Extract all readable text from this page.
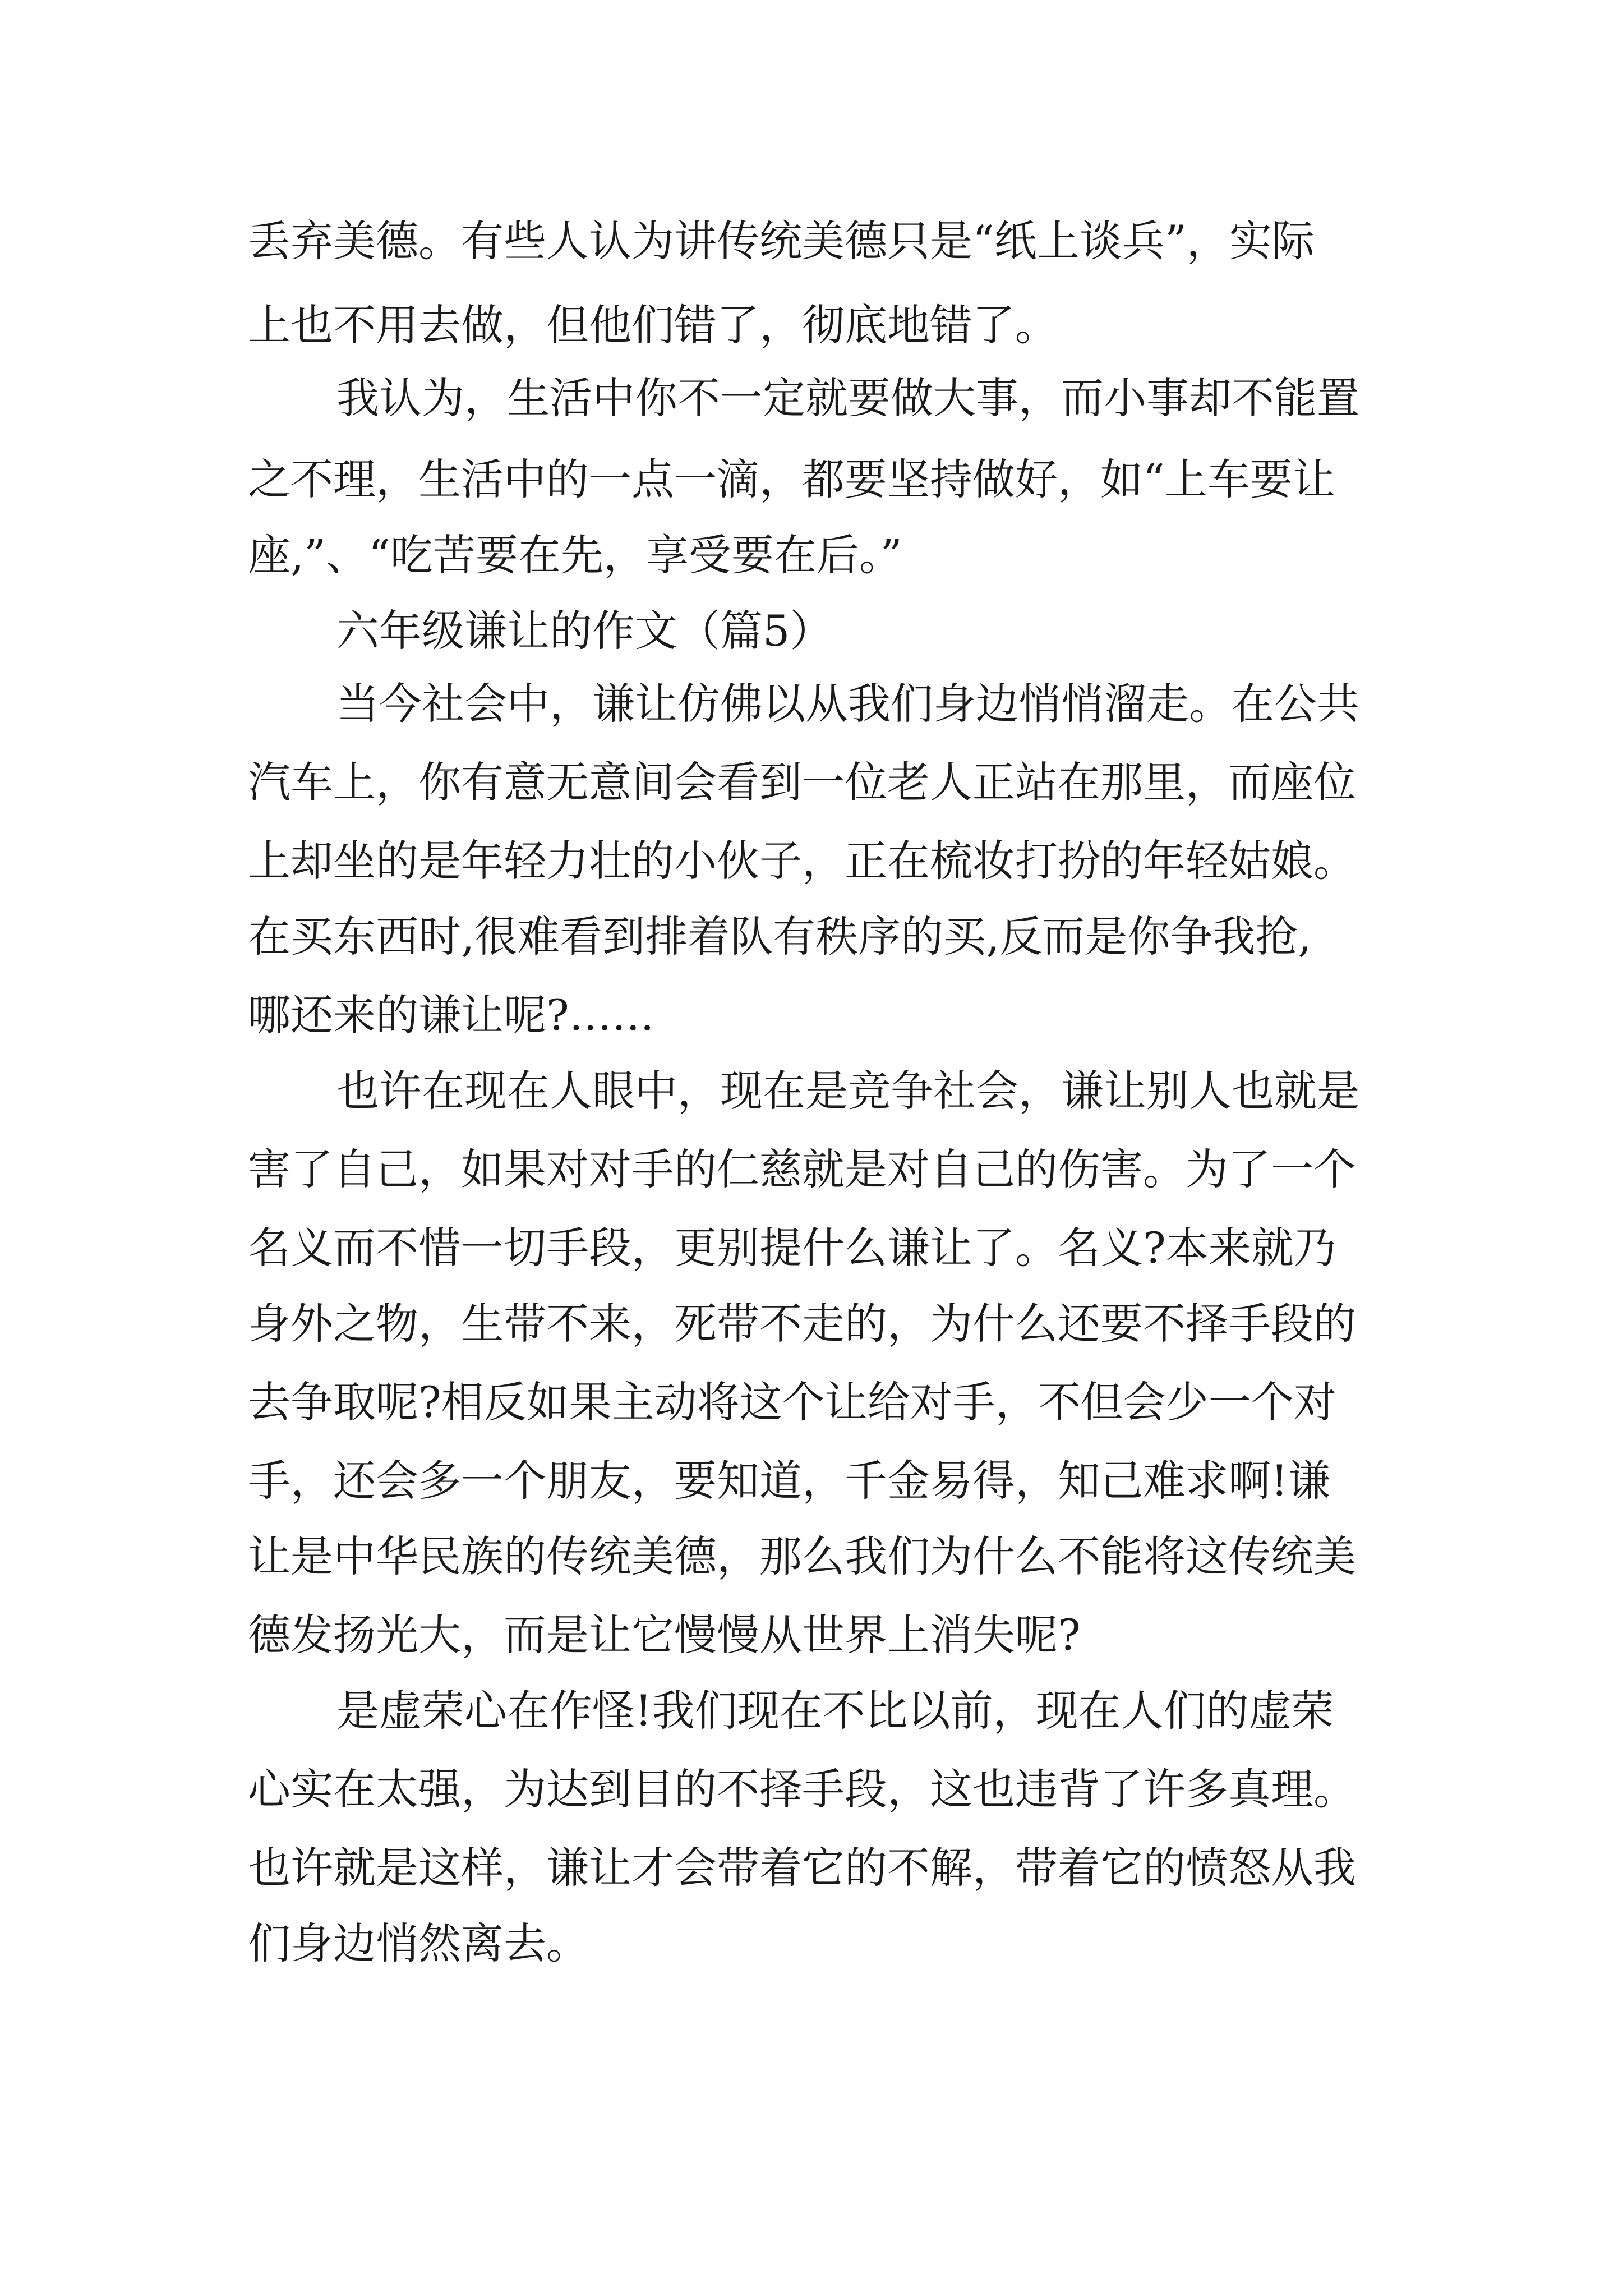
丢弃美德。有些人认为讲传统美德只是“纸上谈兵”，实际

上也不用去做，但他们错了，彻底地错了。

我认为，生活中你不一定就要做大事，而小事却不能置

之不理，生活中的一点一滴，都要坚持做好，如“上车要让

座,”、“吃苦要在先，享受要在后。”

六年级谦让的作文（篇5）

当今社会中，谦让仿佛以从我们身边悄悄溜走。在公共

汽车上，你有意无意间会看到一位老人正站在那里，而座位

上却坐的是年轻力壮的小伙子，正在梳妆打扮的年轻姑娘。

在买东西时,很难看到排着队有秩序的买,反而是你争我抢,

哪还来的谦让呢?……

也许在现在人眼中，现在是竞争社会，谦让别人也就是

害了自己，如果对对手的仁慈就是对自己的伤害。为了一个

名义而不惜一切手段，更别提什么谦让了。名义?本来就乃

身外之物，生带不来，死带不走的，为什么还要不择手段的

去争取呢?相反如果主动将这个让给对手，不但会少一个对

手，还会多一个朋友，要知道，千金易得，知己难求啊!谦

让是中华民族的传统美德，那么我们为什么不能将这传统美

德发扬光大，而是让它慢慢从世界上消失呢?

是虚荣心在作怪!我们现在不比以前，现在人们的虚荣

心实在太强，为达到目的不择手段，这也违背了许多真理。

也许就是这样，谦让才会带着它的不解，带着它的愤怒从我

们身边悄然离去。
